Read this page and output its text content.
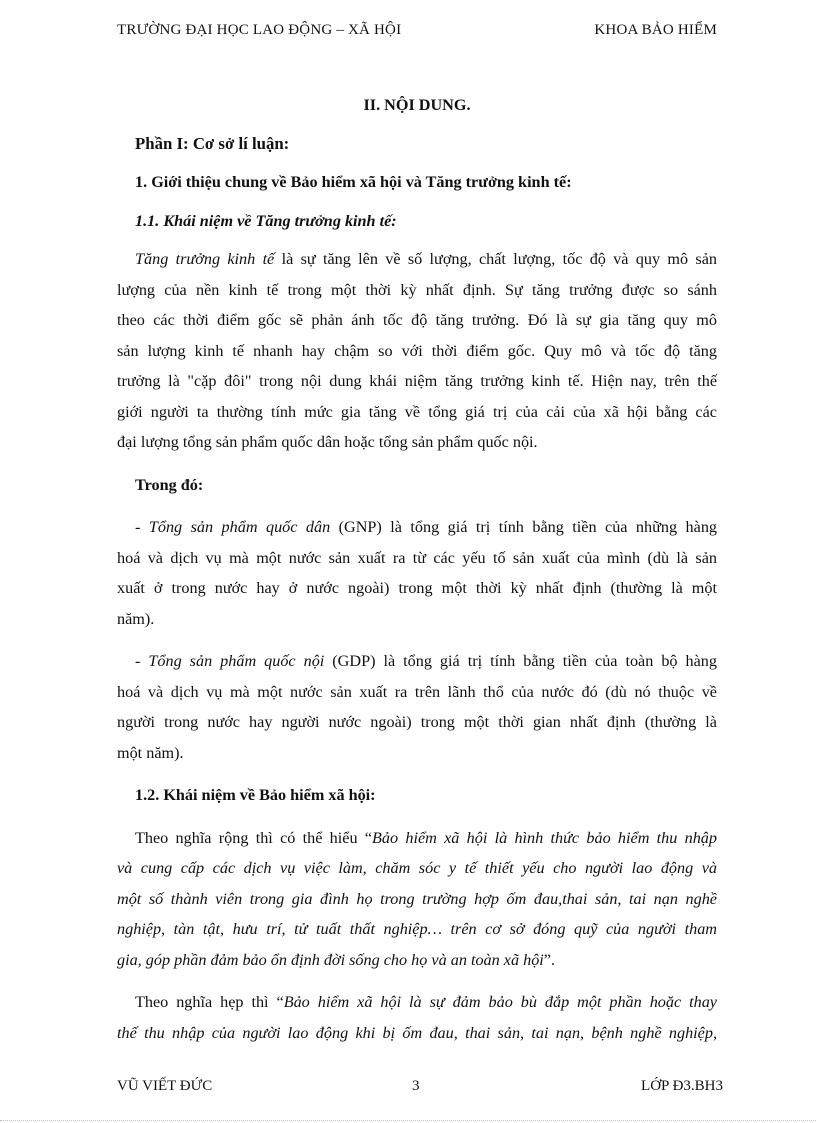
TRƯỜNG ĐẠI HỌC LAO ĐỘNG – XÃ HỘI	KHOA BẢO HIỂM
II. NỘI DUNG.
Phần I: Cơ sở lí luận:
1. Giới thiệu chung về Bảo hiểm xã hội và Tăng trưởng kinh tế:
1.1. Khái niệm về Tăng trưởng kinh tế:
Tăng trưởng kinh tế là sự tăng lên về số lượng, chất lượng, tốc độ và quy mô sản
lượng của nền kinh tế trong một thời kỳ nhất định. Sự tăng trưởng được so sánh
theo các thời điểm gốc sẽ phản ánh tốc độ tăng trưởng. Đó là sự gia tăng quy mô
sản lượng kinh tế nhanh hay chậm so với thời điểm gốc. Quy mô và tốc độ tăng
trưởng là "cặp đôi" trong nội dung khái niệm tăng trưởng kinh tế. Hiện nay, trên thế
giới người ta thường tính mức gia tăng về tổng giá trị của cải của xã hội bằng các
đại lượng tổng sản phẩm quốc dân hoặc tổng sản phẩm quốc nội.
Trong đó:
- Tổng sản phẩm quốc dân (GNP) là tổng giá trị tính bằng tiền của những hàng
hoá và dịch vụ mà một nước sản xuất ra từ các yếu tố sản xuất của mình (dù là sản
xuất ở trong nước hay ở nước ngoài) trong một thời kỳ nhất định (thường là một
năm).
- Tổng sản phẩm quốc nội (GDP) là tổng giá trị tính bằng tiền của toàn bộ hàng
hoá và dịch vụ mà một nước sản xuất ra trên lãnh thổ của nước đó (dù nó thuộc về
người trong nước hay người nước ngoài) trong một thời gian nhất định (thường là
một năm).
1.2. Khái niệm về Bảo hiểm xã hội:
Theo nghĩa rộng thì có thể hiểu “Bảo hiểm xã hội là hình thức bảo hiểm thu nhập
và cung cấp các dịch vụ việc làm, chăm sóc y tế thiết yếu cho người lao động và
một số thành viên trong gia đình họ trong trường hợp ốm đau,thai sản, tai nạn nghề
nghiệp, tàn tật, hưu trí, tử tuất thất nghiệp… trên cơ sở đóng quỹ của người tham
gia, góp phần đảm bảo ổn định đời sống cho họ và an toàn xã hội”.
Theo nghĩa hẹp thì “Bảo hiểm xã hội là sự đảm bảo bù đắp một phần hoặc thay
thế thu nhập của người lao động khi bị ốm đau, thai sản, tai nạn, bệnh nghề nghiệp,
VŨ VIẾT ĐỨC	3	LỚP Đ3.BH3
